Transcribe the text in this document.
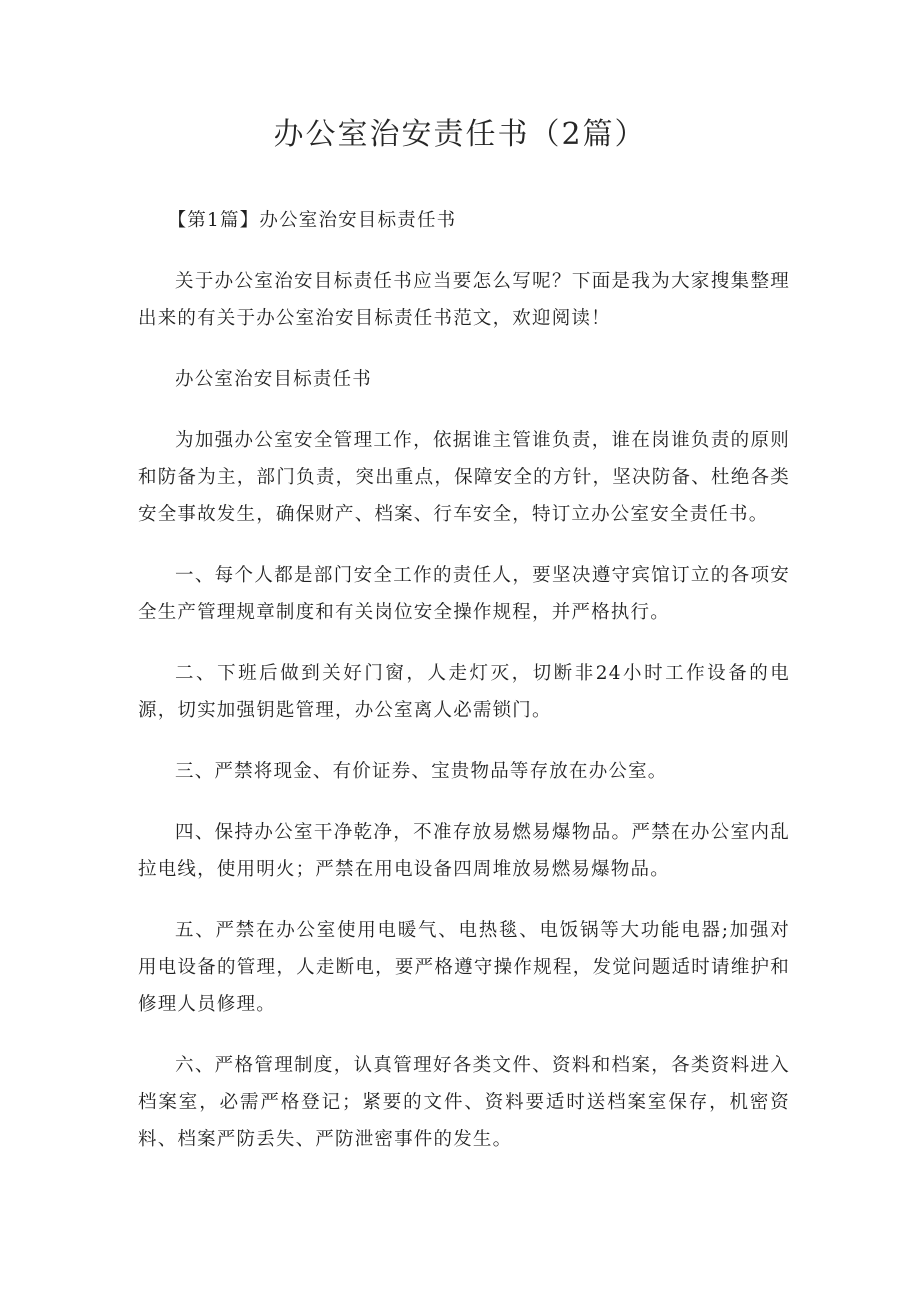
办公室治安责任书（2篇）

【第1篇】办公室治安目标责任书

关于办公室治安目标责任书应当要怎么写呢？下面是我为大家搜集整理出来的有关于办公室治安目标责任书范文，欢迎阅读！

办公室治安目标责任书

为加强办公室安全管理工作，依据谁主管谁负责，谁在岗谁负责的原则和防备为主，部门负责，突出重点，保障安全的方针，坚决防备、杜绝各类安全事故发生，确保财产、档案、行车安全，特订立办公室安全责任书。

一、每个人都是部门安全工作的责任人，要坚决遵守宾馆订立的各项安全生产管理规章制度和有关岗位安全操作规程，并严格执行。

二、下班后做到关好门窗，人走灯灭，切断非24小时工作设备的电源，切实加强钥匙管理，办公室离人必需锁门。

三、严禁将现金、有价证券、宝贵物品等存放在办公室。

四、保持办公室干净乾净，不准存放易燃易爆物品。严禁在办公室内乱拉电线，使用明火；严禁在用电设备四周堆放易燃易爆物品。

五、严禁在办公室使用电暖气、电热毯、电饭锅等大功能电器;加强对用电设备的管理，人走断电，要严格遵守操作规程，发觉问题适时请维护和修理人员修理。

六、严格管理制度，认真管理好各类文件、资料和档案，各类资料进入档案室，必需严格登记；紧要的文件、资料要适时送档案室保存，机密资料、档案严防丢失、严防泄密事件的发生。
